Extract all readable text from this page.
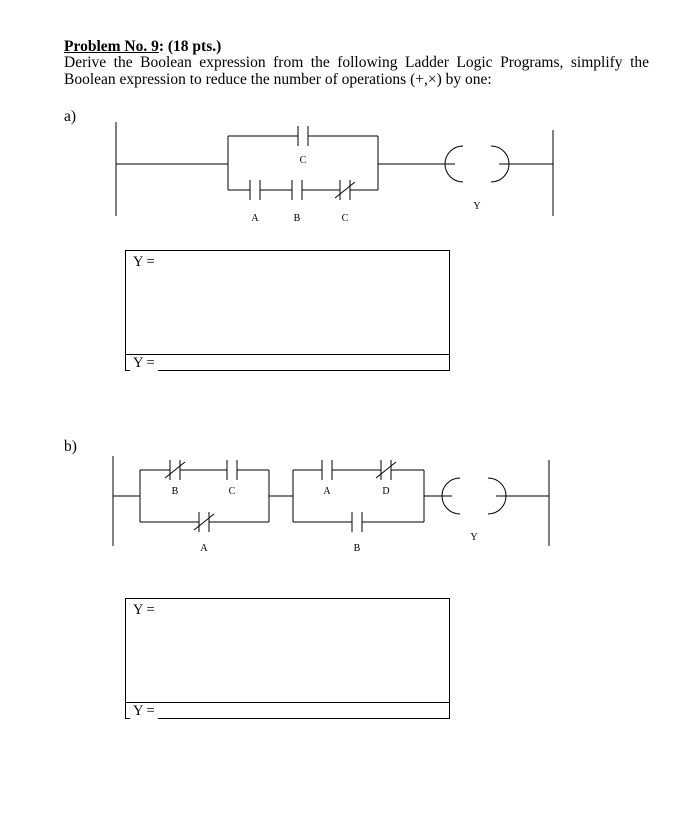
Problem No. 9: (18 pts.)
Derive the Boolean expression from the following Ladder Logic Programs, simplify the Boolean expression to reduce the number of operations (+,×) by one:
a)
b)
C
A	B	C
Y
B	C
A
A	D
B
Y
Y =
Y =
Y =
Y =
